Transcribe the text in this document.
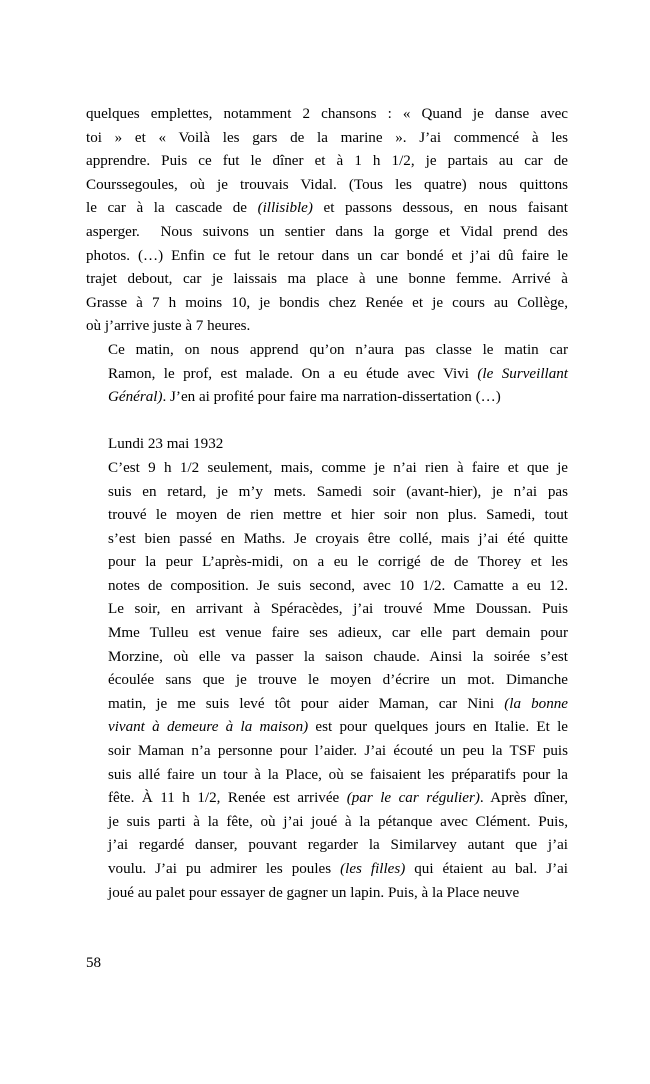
quelques emplettes, notamment 2 chansons : « Quand je danse avec
toi » et « Voilà les gars de la marine ». J’ai commencé à les
apprendre. Puis ce fut le dîner et à 1 h 1/2, je partais au car de
Courssegoules, où je trouvais Vidal. (Tous les quatre) nous quittons
le car à la cascade de (illisible) et passons dessous, en nous faisant
asperger.  Nous suivons un sentier dans la gorge et Vidal prend des
photos. (…) Enfin ce fut le retour dans un car bondé et j’ai dû faire le
trajet debout, car je laissais ma place à une bonne femme. Arrivé à
Grasse à 7 h moins 10, je bondis chez Renée et je cours au Collège,
où j’arrive juste à 7 heures.

Ce matin, on nous apprend qu’on n’aura pas classe le matin car
Ramon, le prof, est malade. On a eu étude avec Vivi (le Surveillant
Général). J’en ai profité pour faire ma narration-dissertation (…)

Lundi 23 mai 1932

C’est 9 h 1/2 seulement, mais, comme je n’ai rien à faire et que je
suis en retard, je m’y mets. Samedi soir (avant-hier), je n’ai pas
trouvé le moyen de rien mettre et hier soir non plus. Samedi, tout
s’est bien passé en Maths. Je croyais être collé, mais j’ai été quitte
pour la peur L’après-midi, on a eu le corrigé de de Thorey et les
notes de composition. Je suis second, avec 10 1/2. Camatte a eu 12.
Le soir, en arrivant à Spéracèdes, j’ai trouvé Mme Doussan. Puis
Mme Tulleu est venue faire ses adieux, car elle part demain pour
Morzine, où elle va passer la saison chaude. Ainsi la soirée s’est
écoulée sans que je trouve le moyen d’écrire un mot. Dimanche
matin, je me suis levé tôt pour aider Maman, car Nini (la bonne
vivant à demeure à la maison) est pour quelques jours en Italie. Et le
soir Maman n’a personne pour l’aider. J’ai écouté un peu la TSF puis
suis allé faire un tour à la Place, où se faisaient les préparatifs pour la
fête. À 11 h 1/2, Renée est arrivée (par le car régulier). Après dîner,
je suis parti à la fête, où j’ai joué à la pétanque avec Clément. Puis,
j’ai regardé danser, pouvant regarder la Similarvey autant que j’ai
voulu. J’ai pu admirer les poules (les filles) qui étaient au bal. J’ai
joué au palet pour essayer de gagner un lapin. Puis, à la Place neuve

58
